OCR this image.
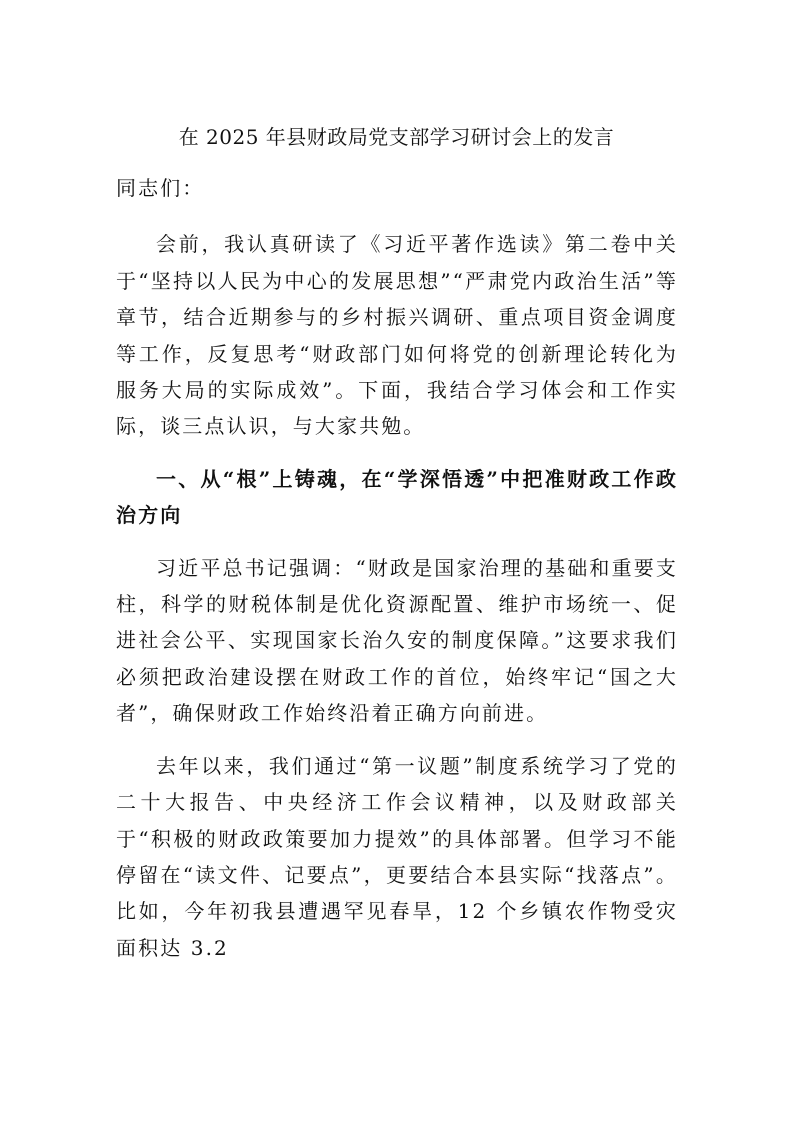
在 2025 年县财政局党支部学习研讨会上的发言

同志们：

会前，我认真研读了《习近平著作选读》第二卷中关于“坚持以人民为中心的发展思想”“严肃党内政治生活”等章节，结合近期参与的乡村振兴调研、重点项目资金调度等工作，反复思考“财政部门如何将党的创新理论转化为服务大局的实际成效”。下面，我结合学习体会和工作实际，谈三点认识，与大家共勉。

一、从“根”上铸魂，在“学深悟透”中把准财政工作政治方向

习近平总书记强调：“财政是国家治理的基础和重要支柱，科学的财税体制是优化资源配置、维护市场统一、促进社会公平、实现国家长治久安的制度保障。”这要求我们必须把政治建设摆在财政工作的首位，始终牢记“国之大者”，确保财政工作始终沿着正确方向前进。

去年以来，我们通过“第一议题”制度系统学习了党的二十大报告、中央经济工作会议精神，以及财政部关于“积极的财政政策要加力提效”的具体部署。但学习不能停留在“读文件、记要点”，更要结合本县实际“找落点”。比如，今年初我县遭遇罕见春旱，12 个乡镇农作物受灾面积达 3.2
